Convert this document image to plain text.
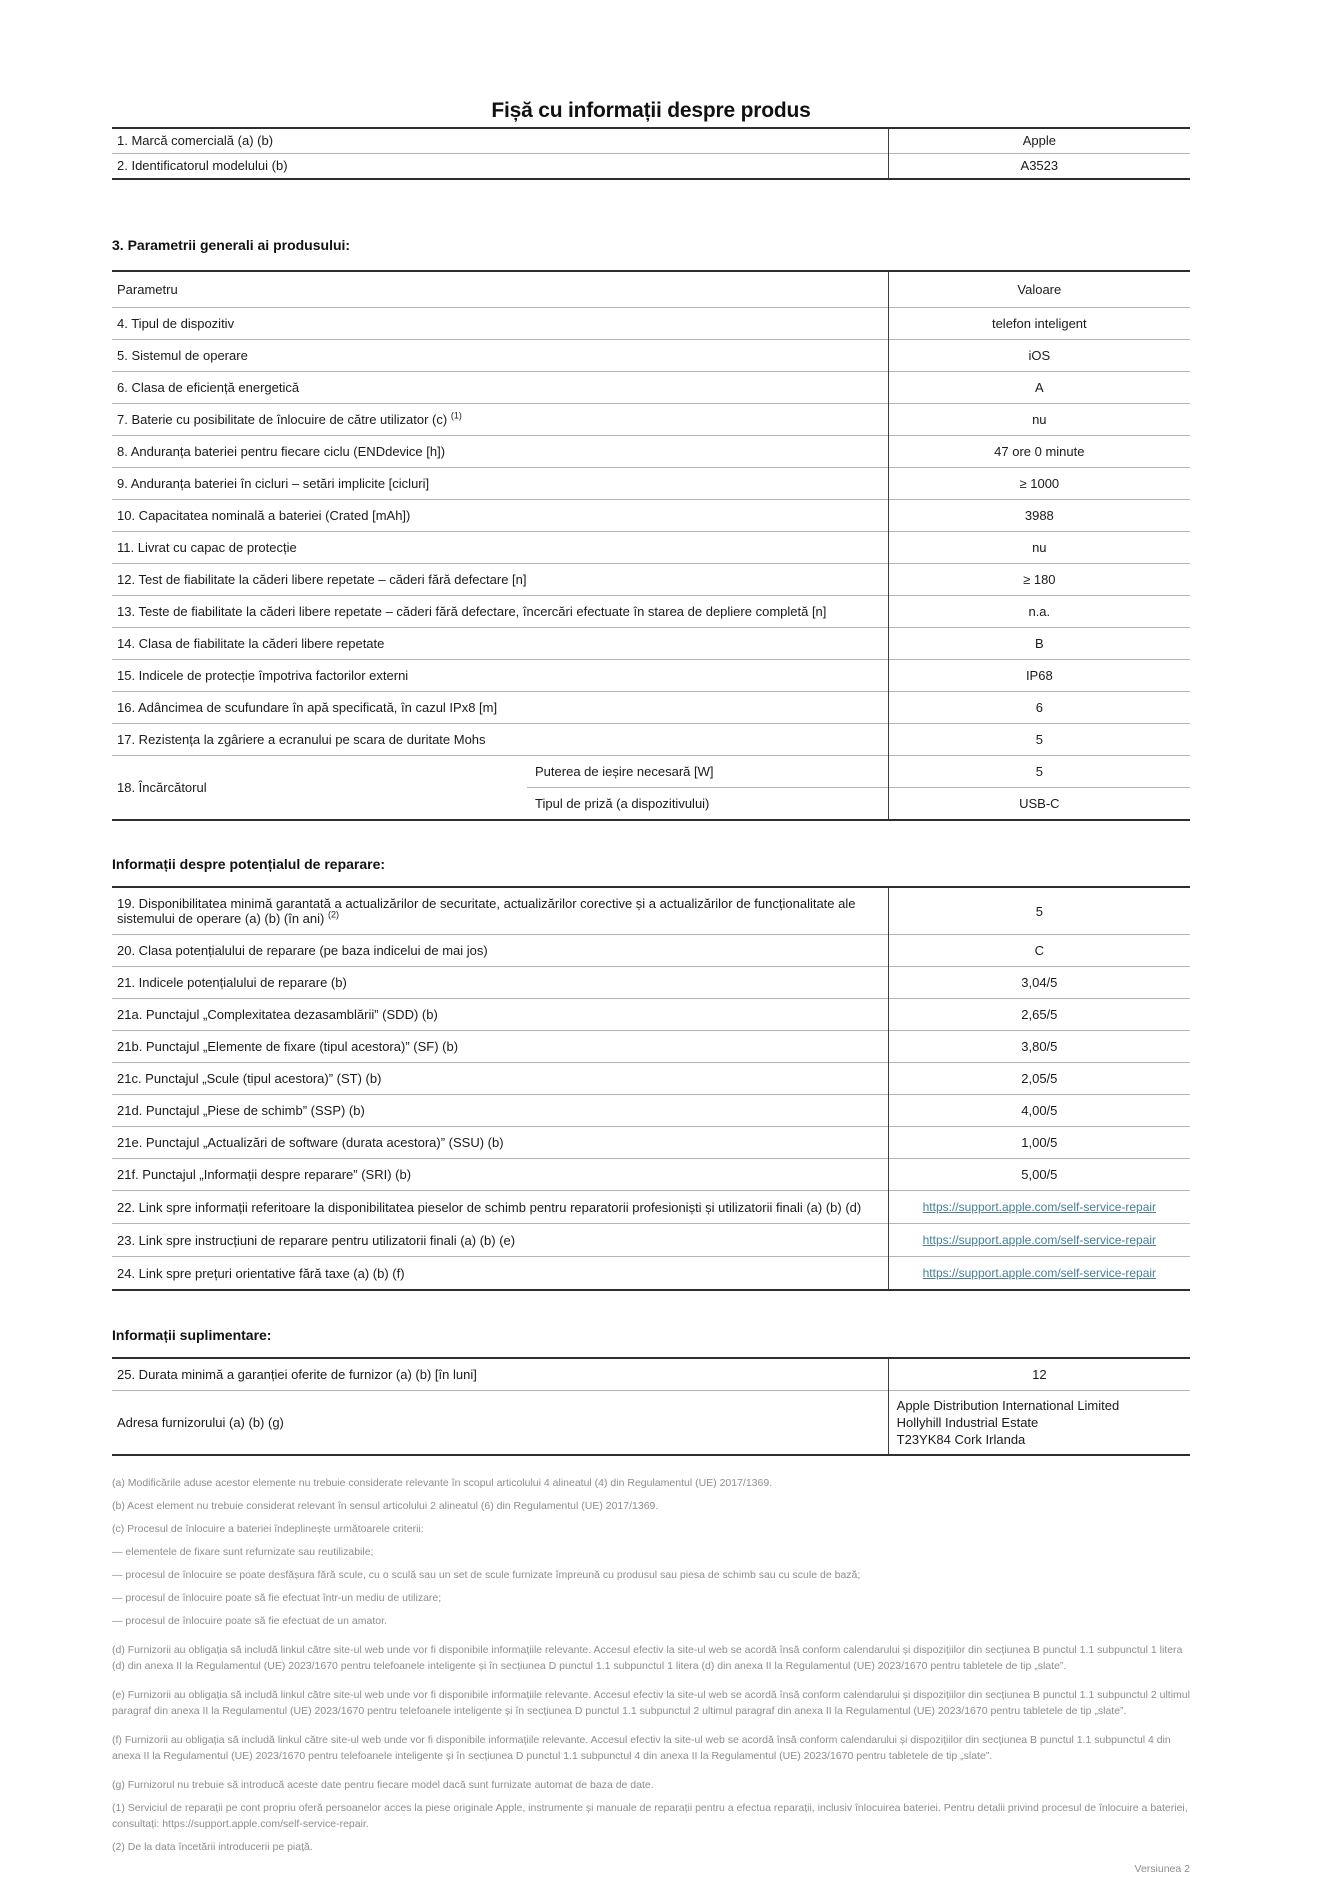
Fișă cu informații despre produs
1. Marcă comercială (a) (b)	Apple
2. Identificatorul modelului (b)	A3523
3. Parametrii generali ai produsului:
Parametru		Valoare
4. Tipul de dispozitiv		telefon inteligent
5. Sistemul de operare		iOS
6. Clasa de eficiență energetică		A
7. Baterie cu posibilitate de înlocuire de către utilizator (c) $^{(1)}$		nu
8. Anduranța bateriei pentru fiecare ciclu (ENDdevice [h])		47 ore 0 minute
9. Anduranța bateriei în cicluri – setări implicite [cicluri]		≥ 1000
10. Capacitatea nominală a bateriei (Crated [mAh])		3988
11. Livrat cu capac de protecție		nu
12. Test de fiabilitate la căderi libere repetate – căderi fără defectare [n]		≥ 180
13. Teste de fiabilitate la căderi libere repetate – căderi fără defectare, încercări efectuate în starea de depliere completă [n]		n.a.
14. Clasa de fiabilitate la căderi libere repetate		B
15. Indicele de protecție împotriva factorilor externi		IP68
16. Adâncimea de scufundare în apă specificată, în cazul IPx8 [m]		6
17. Rezistența la zgâriere a ecranului pe scara de duritate Mohs		5
18. Încărcătorul	Puterea de ieșire necesară [W]	5
	Tipul de priză (a dispozitivului)	USB-C
Informații despre potențialul de reparare:
19. Disponibilitatea minimă garantată a actualizărilor de securitate, actualizărilor corective și a actualizărilor de funcționalitate ale sistemului de operare (a) (b) (în ani) $^{(2)}$	5
20. Clasa potențialului de reparare (pe baza indicelui de mai jos)	C
21. Indicele potențialului de reparare (b)	3,04/5
21a. Punctajul „Complexitatea dezasamblării” (SDD) (b)	2,65/5
21b. Punctajul „Elemente de fixare (tipul acestora)” (SF) (b)	3,80/5
21c. Punctajul „Scule (tipul acestora)” (ST) (b)	2,05/5
21d. Punctajul „Piese de schimb” (SSP) (b)	4,00/5
21e. Punctajul „Actualizări de software (durata acestora)” (SSU) (b)	1,00/5
21f. Punctajul „Informații despre reparare” (SRI) (b)	5,00/5
22. Link spre informații referitoare la disponibilitatea pieselor de schimb pentru reparatorii profesioniști și utilizatorii finali (a) (b) (d)	https://support.apple.com/self-service-repair
23. Link spre instrucțiuni de reparare pentru utilizatorii finali (a) (b) (e)	https://support.apple.com/self-service-repair
24. Link spre prețuri orientative fără taxe (a) (b) (f)	https://support.apple.com/self-service-repair
Informații suplimentare:
25. Durata minimă a garanției oferite de furnizor (a) (b) [în luni]	12
Adresa furnizorului (a) (b) (g)	Apple Distribution International Limited
Hollyhill Industrial Estate
T23YK84 Cork Irlanda

(a) Modificările aduse acestor elemente nu trebuie considerate relevante în scopul articolului 4 alineatul (4) din Regulamentul (UE) 2017/1369.

(b) Acest element nu trebuie considerat relevant în sensul articolului 2 alineatul (6) din Regulamentul (UE) 2017/1369.

(c) Procesul de înlocuire a bateriei îndeplinește următoarele criterii:

— elementele de fixare sunt refurnizate sau reutilizabile;

— procesul de înlocuire se poate desfășura fără scule, cu o sculă sau un set de scule furnizate împreună cu produsul sau piesa de schimb sau cu scule de bază;

— procesul de înlocuire poate să fie efectuat într-un mediu de utilizare;

— procesul de înlocuire poate să fie efectuat de un amator.

(d) Furnizorii au obligația să includă linkul către site-ul web unde vor fi disponibile informațiile relevante. Accesul efectiv la site-ul web se acordă însă conform calendarului și dispozițiilor din secțiunea B punctul 1.1 subpunctul 1 litera (d) din anexa II la Regulamentul (UE) 2023/1670 pentru telefoanele inteligente și în secțiunea D punctul 1.1 subpunctul 1 litera (d) din anexa II la Regulamentul (UE) 2023/1670 pentru tabletele de tip „slate”.

(e) Furnizorii au obligația să includă linkul către site-ul web unde vor fi disponibile informațiile relevante. Accesul efectiv la site-ul web se acordă însă conform calendarului și dispozițiilor din secțiunea B punctul 1.1 subpunctul 2 ultimul paragraf din anexa II la Regulamentul (UE) 2023/1670 pentru telefoanele inteligente și în secțiunea D punctul 1.1 subpunctul 2 ultimul paragraf din anexa II la Regulamentul (UE) 2023/1670 pentru tabletele de tip „slate”.

(f) Furnizorii au obligația să includă linkul către site-ul web unde vor fi disponibile informațiile relevante. Accesul efectiv la site-ul web se acordă însă conform calendarului și dispozițiilor din secțiunea B punctul 1.1 subpunctul 4 din anexa II la Regulamentul (UE) 2023/1670 pentru telefoanele inteligente și în secțiunea D punctul 1.1 subpunctul 4 din anexa II la Regulamentul (UE) 2023/1670 pentru tabletele de tip „slate”.

(g) Furnizorul nu trebuie să introducă aceste date pentru fiecare model dacă sunt furnizate automat de baza de date.

(1) Serviciul de reparații pe cont propriu oferă persoanelor acces la piese originale Apple, instrumente și manuale de reparații pentru a efectua reparații, inclusiv înlocuirea bateriei. Pentru detalii privind procesul de înlocuire a bateriei, consultați: https://support.apple.com/self-service-repair.

(2) De la data încetării introducerii pe piață.

Versiunea 2
